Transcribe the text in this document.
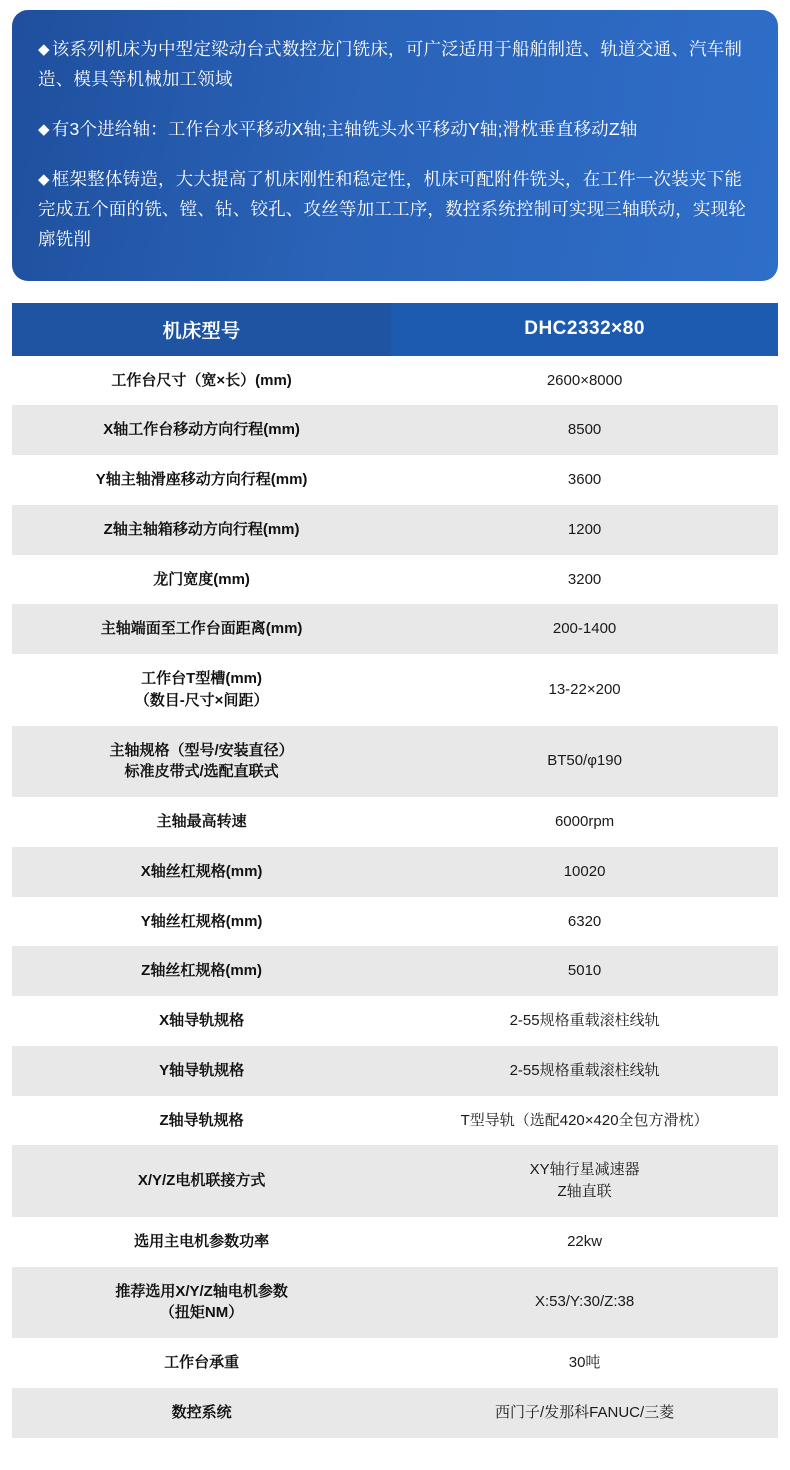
◆ 该系列机床为中型定梁动台式数控龙门铣床，可广泛适用于船舶制造、轨道交通、汽车制造、模具等机械加工领域

◆ 有3个进给轴：工作台水平移动X轴;主轴铣头水平移动Y轴;滑枕垂直移动Z轴

◆ 框架整体铸造，大大提高了机床刚性和稳定性，机床可配附件铣头，在工件一次装夹下能完成五个面的铣、镗、钻、铰孔、攻丝等加工工序，数控系统控制可实现三轴联动，实现轮廓铣削

机床型号	DHC2332×80
工作台尺寸（宽×长）(mm)	2600×8000
X轴工作台移动方向行程(mm)	8500
Y轴主轴滑座移动方向行程(mm)	3600
Z轴主轴箱移动方向行程(mm)	1200
龙门宽度(mm)	3200
主轴端面至工作台面距离(mm)	200-1400

工作台T型槽(mm)
（数目-尺寸×间距）	13-22×200

主轴规格（型号/安装直径）
标准皮带式/选配直联式	BT50/φ190
主轴最高转速	6000rpm
X轴丝杠规格(mm)	10020
Y轴丝杠规格(mm)	6320
Z轴丝杠规格(mm)	5010
X轴导轨规格	2-55规格重载滚柱线轨
Y轴导轨规格	2-55规格重载滚柱线轨
Z轴导轨规格	T型导轨（选配420×420全包方滑枕）
X/Y/Z电机联接方式	XY轴行星减速器
Z轴直联

选用主电机参数功率	22kw

推荐选用X/Y/Z轴电机参数
（扭矩NM）	X:53/Y:30/Z:38
工作台承重	30吨
数控系统	西门子/发那科FANUC/三菱
